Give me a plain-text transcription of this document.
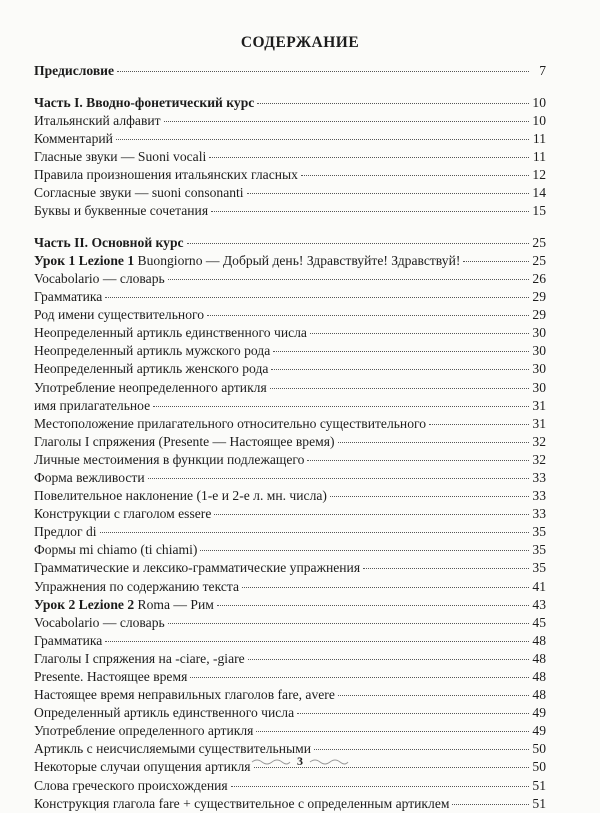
СОДЕРЖАНИЕ
Предисловие	7
Часть I. Вводно-фонетический курс	10
Итальянский алфавит	10
Комментарий	11
Гласные звуки — Suoni vocali	11
Правила произношения итальянских гласных	12
Согласные звуки — suoni consonanti	14
Буквы и буквенные сочетания	15
Часть II. Основной курс	25
Урок 1 Lezione 1 Buongiorno — Добрый день! Здравствуйте! Здравствуй!	25
Vocabolario — словарь	26
Грамматика	29
Род имени существительного	29
Неопределенный артикль единственного числа	30
Неопределенный артикль мужского рода	30
Неопределенный артикль женского рода	30
Употребление неопределенного артикля	30
имя прилагательное	31
Местоположение прилагательного относительно существительного	31
Глаголы I спряжения (Presente — Настоящее время)	32
Личные местоимения в функции подлежащего	32
Форма вежливости	33
Повелительное наклонение (1-е и 2-е л. мн. числа)	33
Конструкции с глаголом essere	33
Предлог di	35
Формы mi chiamo (ti chiami)	35
Грамматические и лексико-грамматические упражнения	35
Упражнения по содержанию текста	41
Урок 2 Lezione 2 Roma — Рим	43
Vocabolario — словарь	45
Грамматика	48
Глаголы I спряжения на -ciare, -giare	48
Presente. Настоящее время	48
Настоящее время неправильных глаголов fare, avere	48
Определенный артикль единственного числа	49
Употребление определенного артикля	49
Артикль с неисчисляемыми существительными	50
Некоторые случаи опущения артикля	50
Слова греческого происхождения	51
Конструкция глагола fare + существительное с определенным артиклем	51
3
